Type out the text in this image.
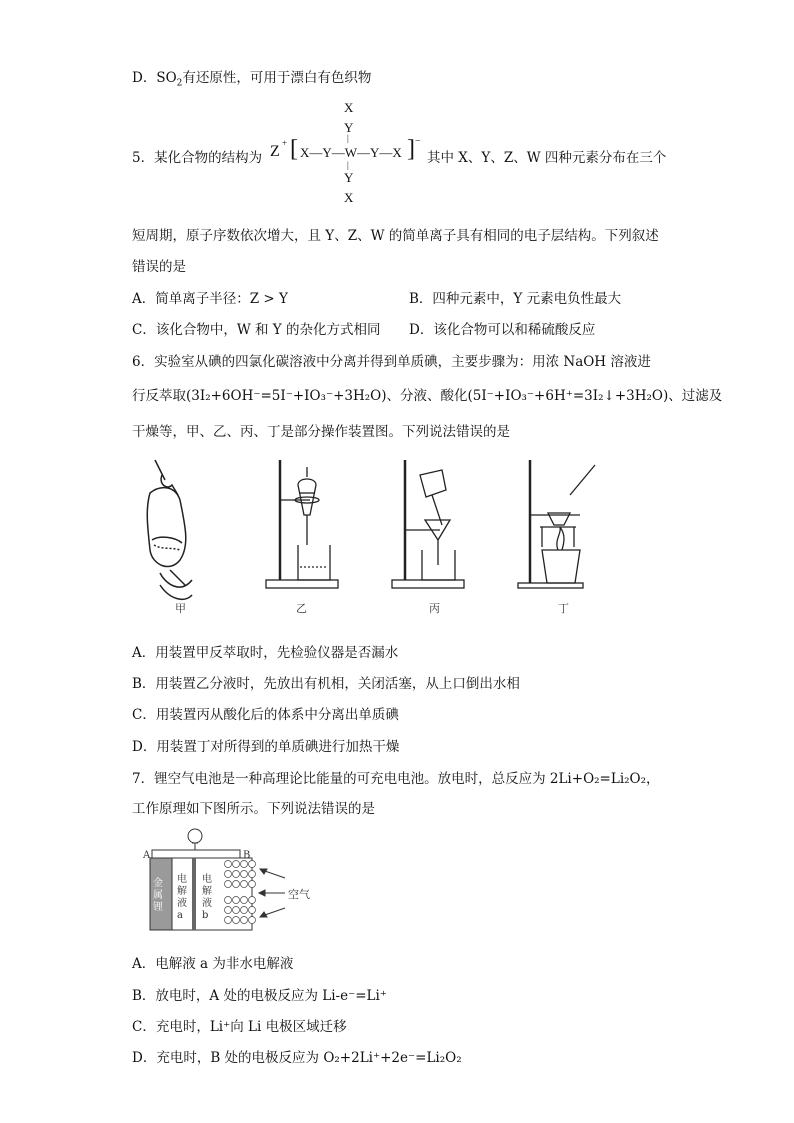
D．$SO_2$有还原性，可用于漂白有色织物
5．某化合物的结构为
X
Y
|
Z + [ X—Y—W—Y—X ] −
|
Y
X
其中 X、Y、Z、W 四种元素分布在三个
短周期，原子序数依次增大，且 Y、Z、W 的简单离子具有相同的电子层结构。下列叙述
错误的是
A．简单离子半径：Z > Y	B．四种元素中，Y 元素电负性最大
C．该化合物中，W 和 Y 的杂化方式相同 D．该化合物可以和稀硫酸反应
6．实验室从碘的四氯化碳溶液中分离并得到单质碘，主要步骤为：用浓 NaOH 溶液进
行反萃取(3I₂+6OH⁻=5I⁻+IO₃⁻+3H₂O)、分液、酸化(5I⁻+IO₃⁻+6H⁺=3I₂↓+3H₂O)、过滤及
干燥等，甲、乙、丙、丁是部分操作装置图。下列说法错误的是
甲	乙	丙	丁
A．用装置甲反萃取时，先检验仪器是否漏水
B．用装置乙分液时，先放出有机相，关闭活塞，从上口倒出水相
C．用装置丙从酸化后的体系中分离出单质碘
D．用装置丁对所得到的单质碘进行加热干燥
7．锂空气电池是一种高理论比能量的可充电电池。放电时，总反应为 2Li+O₂=Li₂O₂，
工作原理如下图所示。下列说法错误的是
A	B
金属锂
电解液a
电解液b
空气
A．电解液 a 为非水电解液
B．放电时，A 处的电极反应为 Li-e⁻=Li⁺
C．充电时，Li⁺向 Li 电极区域迁移
D．充电时，B 处的电极反应为 O₂+2Li⁺+2e⁻=Li₂O₂
